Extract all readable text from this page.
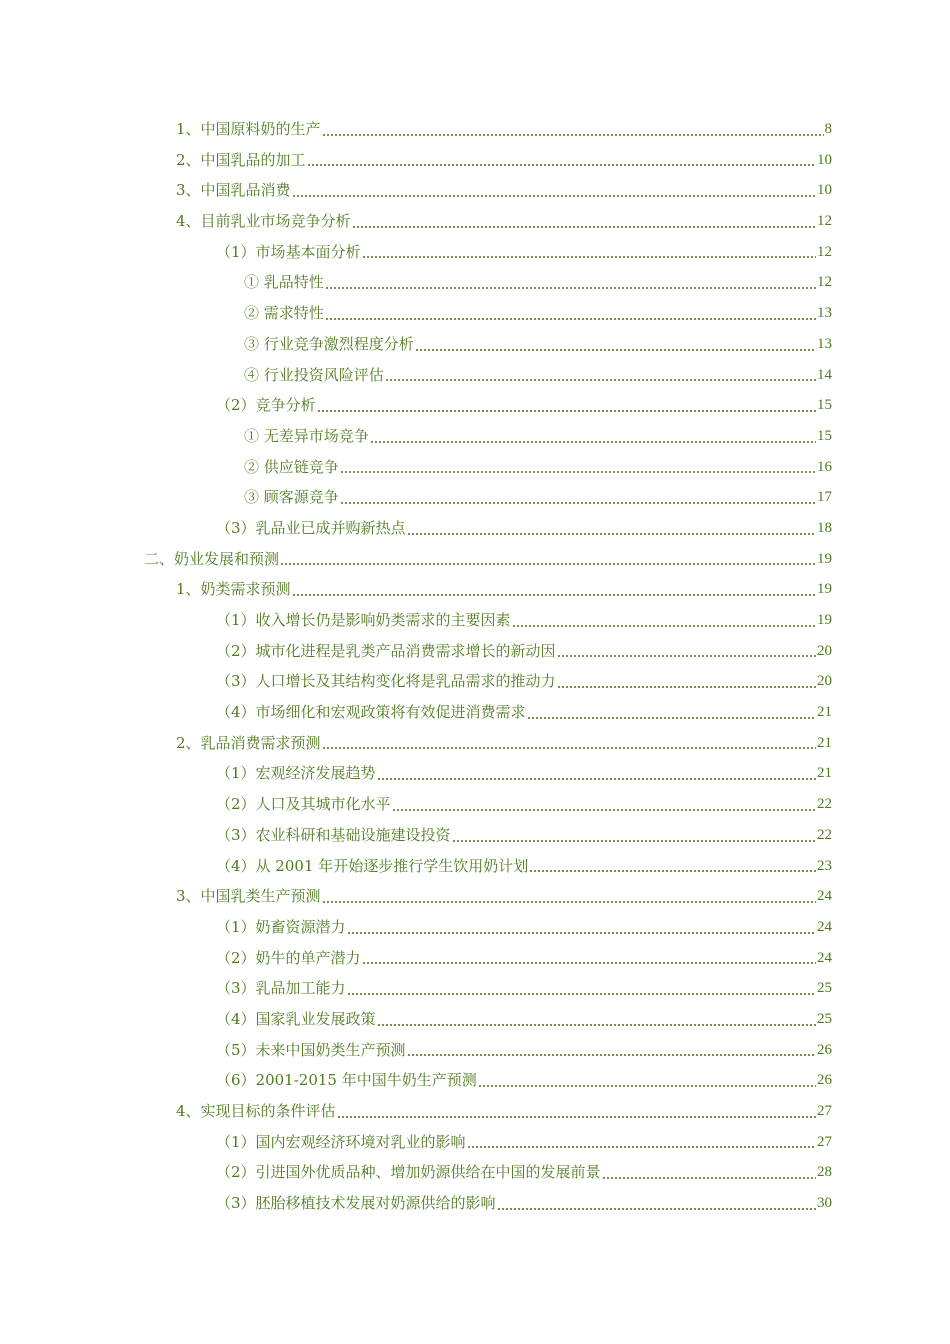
1、中国原料奶的生产	8
2、中国乳品的加工	10
3、中国乳品消费	10
4、目前乳业市场竞争分析	12
（1）市场基本面分析	12
① 乳品特性	12
② 需求特性	13
③ 行业竞争激烈程度分析	13
④ 行业投资风险评估	14
（2）竞争分析	15
① 无差异市场竞争	15
② 供应链竞争	16
③ 顾客源竞争	17
（3）乳品业已成并购新热点	18
二、奶业发展和预测	19
1、奶类需求预测	19
（1）收入增长仍是影响奶类需求的主要因素	19
（2）城市化进程是乳类产品消费需求增长的新动因	20
（3）人口增长及其结构变化将是乳品需求的推动力	20
（4）市场细化和宏观政策将有效促进消费需求	21
2、乳品消费需求预测	21
（1）宏观经济发展趋势	21
（2）人口及其城市化水平	22
（3）农业科研和基础设施建设投资	22
（4）从 2001 年开始逐步推行学生饮用奶计划	23
3、中国乳类生产预测	24
（1）奶畜资源潜力	24
（2）奶牛的单产潜力	24
（3）乳品加工能力	25
（4）国家乳业发展政策	25
（5）未来中国奶类生产预测	26
（6）2001-2015 年中国牛奶生产预测	26
4、实现目标的条件评估	27
（1）国内宏观经济环境对乳业的影响	27
（2）引进国外优质品种、增加奶源供给在中国的发展前景	28
（3）胚胎移植技术发展对奶源供给的影响	30
